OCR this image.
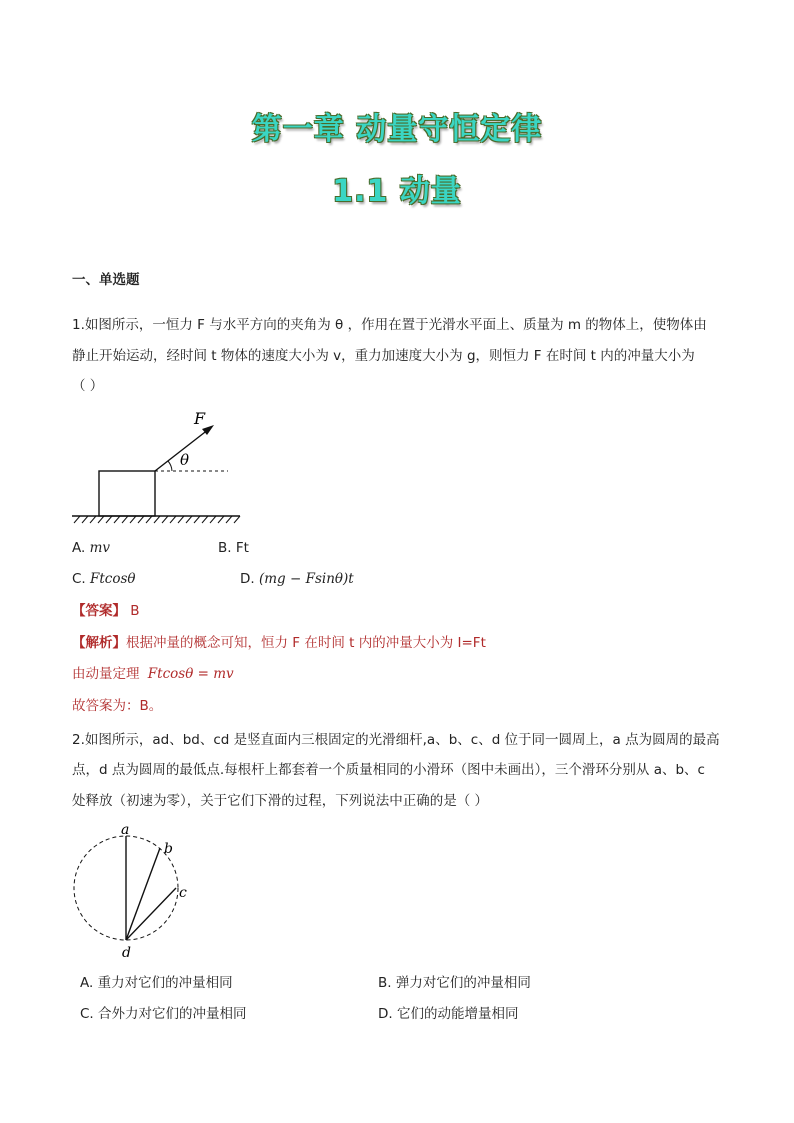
第一章 动量守恒定律
1.1 动量
一、单选题
1.如图所示，一恒力 F 与水平方向的夹角为 θ ，作用在置于光滑水平面上、质量为 m 的物体上，使物体由
静止开始运动，经时间 t 物体的速度大小为 v，重力加速度大小为 g，则恒力 F 在时间 t 内的冲量大小为
（ ）
F
θ
A. mv	B. Ft
C. Ftcosθ	D. (mg − Fsinθ)t
【答案】 B
【解析】根据冲量的概念可知，恒力 F 在时间 t 内的冲量大小为 I=Ft
由动量定理 Ftcosθ = mv
故答案为：B。
2.如图所示，ad、bd、cd 是竖直面内三根固定的光滑细杆,a、b、c、d 位于同一圆周上，a 点为圆周的最高
点，d 点为圆周的最低点.每根杆上都套着一个质量相同的小滑环（图中未画出），三个滑环分别从 a、b、c
处释放（初速为零），关于它们下滑的过程，下列说法中正确的是（ ）
a
b
c
d
A. 重力对它们的冲量相同	B. 弹力对它们的冲量相同
C. 合外力对它们的冲量相同	D. 它们的动能增量相同
